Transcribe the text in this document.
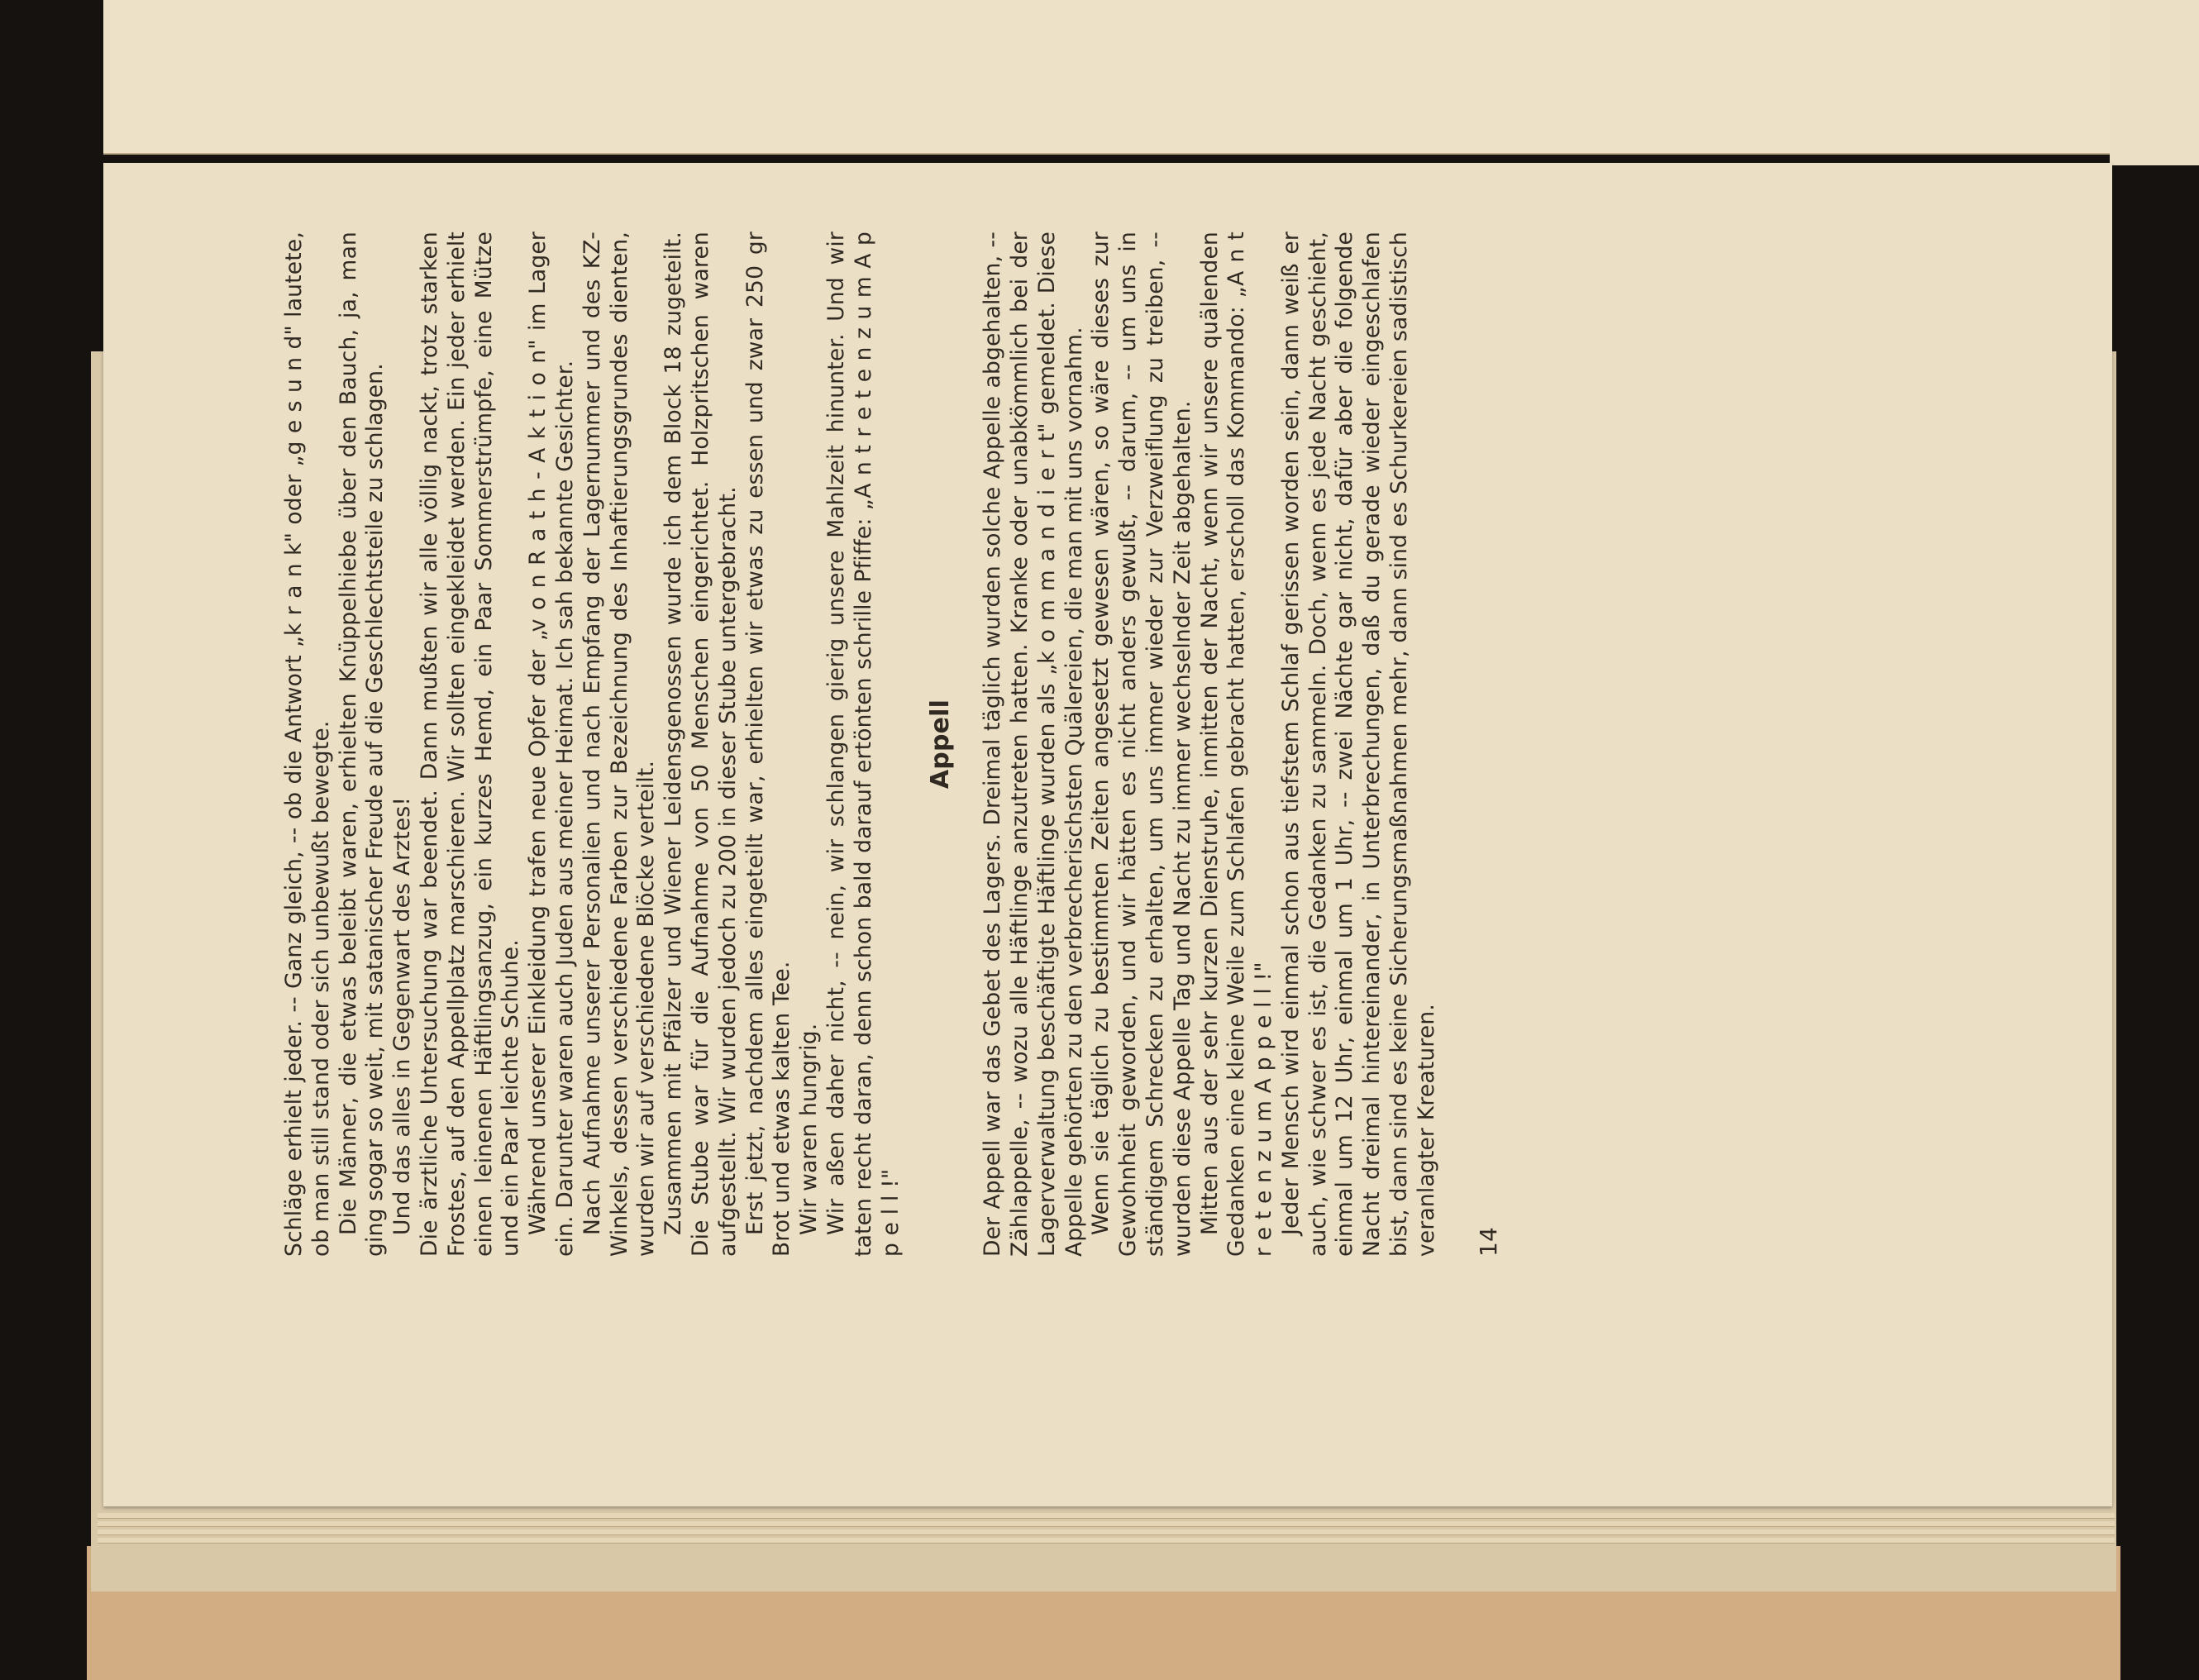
Schläge erhielt jeder. -- Ganz gleich, -- ob die Antwort „k r a n k" oder „g e s u n d" lautete, ob man still stand oder sich unbewußt bewegte. Die Männer, die etwas beleibt waren, erhielten Knüppelhiebe über den Bauch, ja, man ging sogar so weit, mit satanischer Freude auf die Geschlechtsteile zu schlagen. Und das alles in Gegenwart des Arztes! Die ärztliche Untersuchung war beendet. Dann mußten wir alle völlig nackt, trotz starken Frostes, auf den Appellplatz marschieren. Wir sollten eingekleidet werden. Ein jeder erhielt einen leinenen Häftlingsanzug, ein kurzes Hemd, ein Paar Sommerstrümpfe, eine Mütze und ein Paar leichte Schuhe. Während unserer Einkleidung trafen neue Opfer der „v o n R a t h - A k t i o n" im Lager ein. Darunter waren auch Juden aus meiner Heimat. Ich sah bekannte Gesichter. Nach Aufnahme unserer Personalien und nach Empfang der Lagernummer und des KZ-Winkels, dessen verschiedene Farben zur Bezeichnung des Inhaftierungsgrundes dienten, wurden wir auf verschiedene Blöcke verteilt. Zusammen mit Pfälzer und Wiener Leidensgenossen wurde ich dem Block 18 zugeteilt. Die Stube war für die Aufnahme von 50 Menschen eingerichtet. Holzpritschen waren aufgestellt. Wir wurden jedoch zu 200 in dieser Stube untergebracht. Erst jetzt, nachdem alles eingeteilt war, erhielten wir etwas zu essen und zwar 250 gr Brot und etwas kalten Tee. Wir waren hungrig. Wir aßen daher nicht, -- nein, wir schlangen gierig unsere Mahlzeit hinunter. Und wir taten recht daran, denn schon bald darauf ertönten schrille Pfiffe: „A n t r e t e n z u m A p p e l l !"

Appell Der Appell war das Gebet des Lagers. Dreimal täglich wurden solche Appelle abgehalten, -- Zählappelle, -- wozu alle Häftlinge anzutreten hatten. Kranke oder unabkömmlich bei der Lagerverwaltung beschäftigte Häftlinge wurden als „k o m m a n d i e r t" gemeldet. Diese Appelle gehörten zu den verbrecherischsten Quälereien, die man mit uns vornahm. Wenn sie täglich zu bestimmten Zeiten angesetzt gewesen wären, so wäre dieses zur Gewohnheit geworden, und wir hätten es nicht anders gewußt, -- darum, -- um uns in ständigem Schrecken zu erhalten, um uns immer wieder zur Verzweiflung zu treiben, -- wurden diese Appelle Tag und Nacht zu immer wechselnder Zeit abgehalten. Mitten aus der sehr kurzen Dienstruhe, inmitten der Nacht, wenn wir unsere quälenden Gedanken eine kleine Weile zum Schlafen gebracht hatten, erscholl das Kommando: „A n t r e t e n z u m A p p e l l !" Jeder Mensch wird einmal schon aus tiefstem Schlaf gerissen worden sein, dann weiß er auch, wie schwer es ist, die Gedanken zu sammeln. Doch, wenn es jede Nacht geschieht, einmal um 12 Uhr, einmal um 1 Uhr, -- zwei Nächte gar nicht, dafür aber die folgende Nacht dreimal hintereinander, in Unterbrechungen, daß du gerade wieder eingeschlafen bist, dann sind es keine Sicherungsmaßnahmen mehr, dann sind es Schurkereien sadistisch veranlagter Kreaturen. 14
